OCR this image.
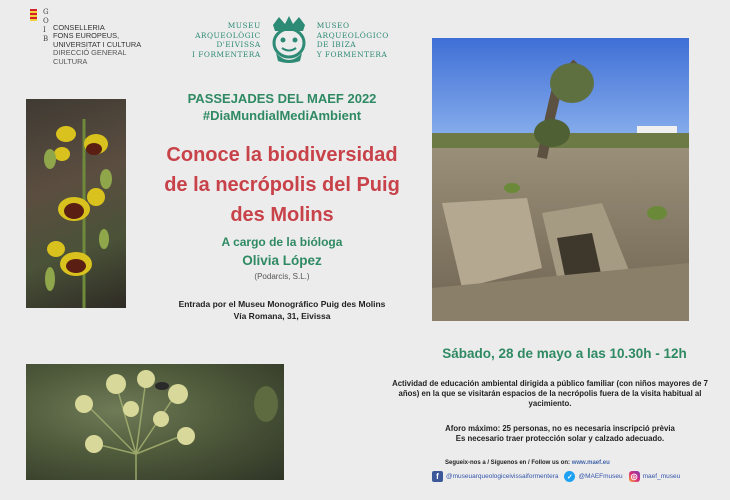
G
O
I
B
CONSELLERIA
FONS EUROPEUS,
UNIVERSITAT I CULTURA
DIRECCIÓ GENERAL
CULTURA
MUSEU
ARQUEOLÒGIC
D'EIVISSA
I FORMENTERA
MUSEO
ARQUEOLÓGICO
DE IBIZA
Y FORMENTERA
PASSEJADES DEL MAEF 2022
#DiaMundialMediAmbient
Conoce la biodiversidad
de la necrópolis del Puig
des Molins
A cargo de la bióloga
Olivia López
(Podarcis, S.L.)
Entrada por el Museu Monográfico Puig des Molins
Vía Romana, 31, Eivissa
Sábado, 28 de mayo a las 10.30h - 12h
Actividad de educación ambiental dirigida a público familiar (con niños mayores de 7 años) en la que se visitarán espacios de la necrópolis fuera de la visita habitual al yacimiento.
Aforo máximo: 25 personas, no es necesaria inscripció prèvia
Es necesario traer protección solar y calzado adecuado.
Segueix-nos a / Síguenos en / Follow us on: www.maef.eu
f	@museuarqueologiceivissaiformentera	✓ @MAEFmuseu ◎ maef_museu
